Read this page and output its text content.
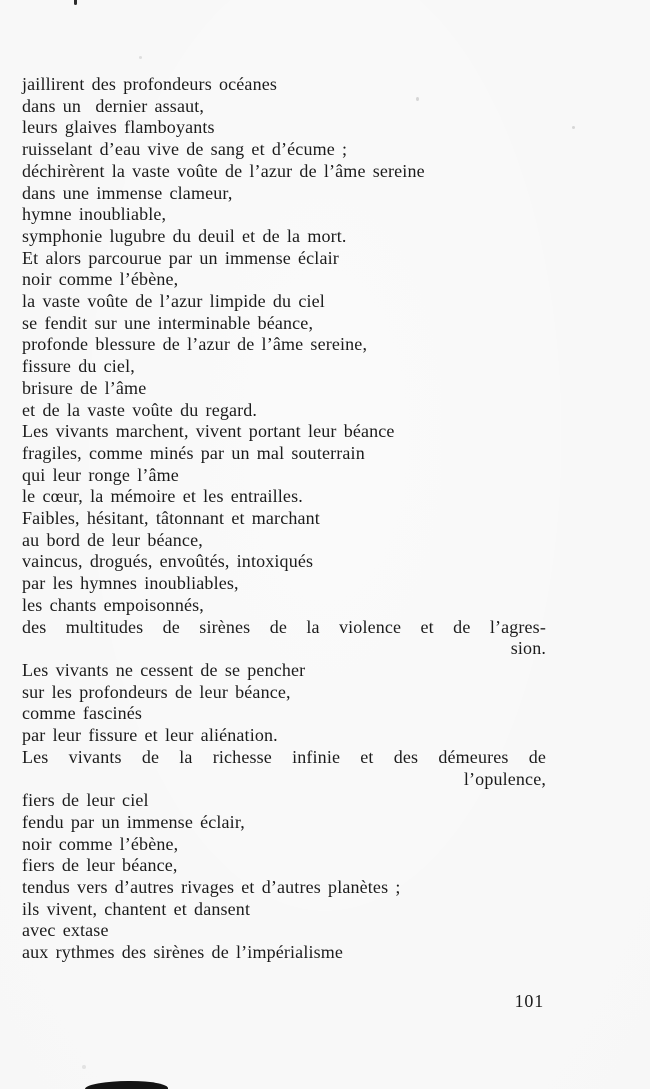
jaillirent des profondeurs océanes
dans un  dernier assaut,
leurs glaives flamboyants
ruisselant d’eau vive de sang et d’écume ;
déchirèrent la vaste voûte de l’azur de l’âme sereine
dans une immense clameur,
hymne inoubliable,
symphonie lugubre du deuil et de la mort.
Et alors parcourue par un immense éclair
noir comme l’ébène,
la vaste voûte de l’azur limpide du ciel
se fendit sur une interminable béance,
profonde blessure de l’azur de l’âme sereine,
fissure du ciel,
brisure de l’âme
et de la vaste voûte du regard.
Les vivants marchent, vivent portant leur béance
fragiles, comme minés par un mal souterrain
qui leur ronge l’âme
le cœur, la mémoire et les entrailles.
Faibles, hésitant, tâtonnant et marchant
au bord de leur béance,
vaincus, drogués, envoûtés, intoxiqués
par les hymnes inoubliables,
les chants empoisonnés,
des multitudes de sirènes de la violence et de l’agres-
sion.
Les vivants ne cessent de se pencher
sur les profondeurs de leur béance,
comme fascinés
par leur fissure et leur aliénation.
Les vivants de la richesse infinie et des démeures de
l’opulence,
fiers de leur ciel
fendu par un immense éclair,
noir comme l’ébène,
fiers de leur béance,
tendus vers d’autres rivages et d’autres planètes ;
ils vivent, chantent et dansent
avec extase
aux rythmes des sirènes de l’impérialisme
101
